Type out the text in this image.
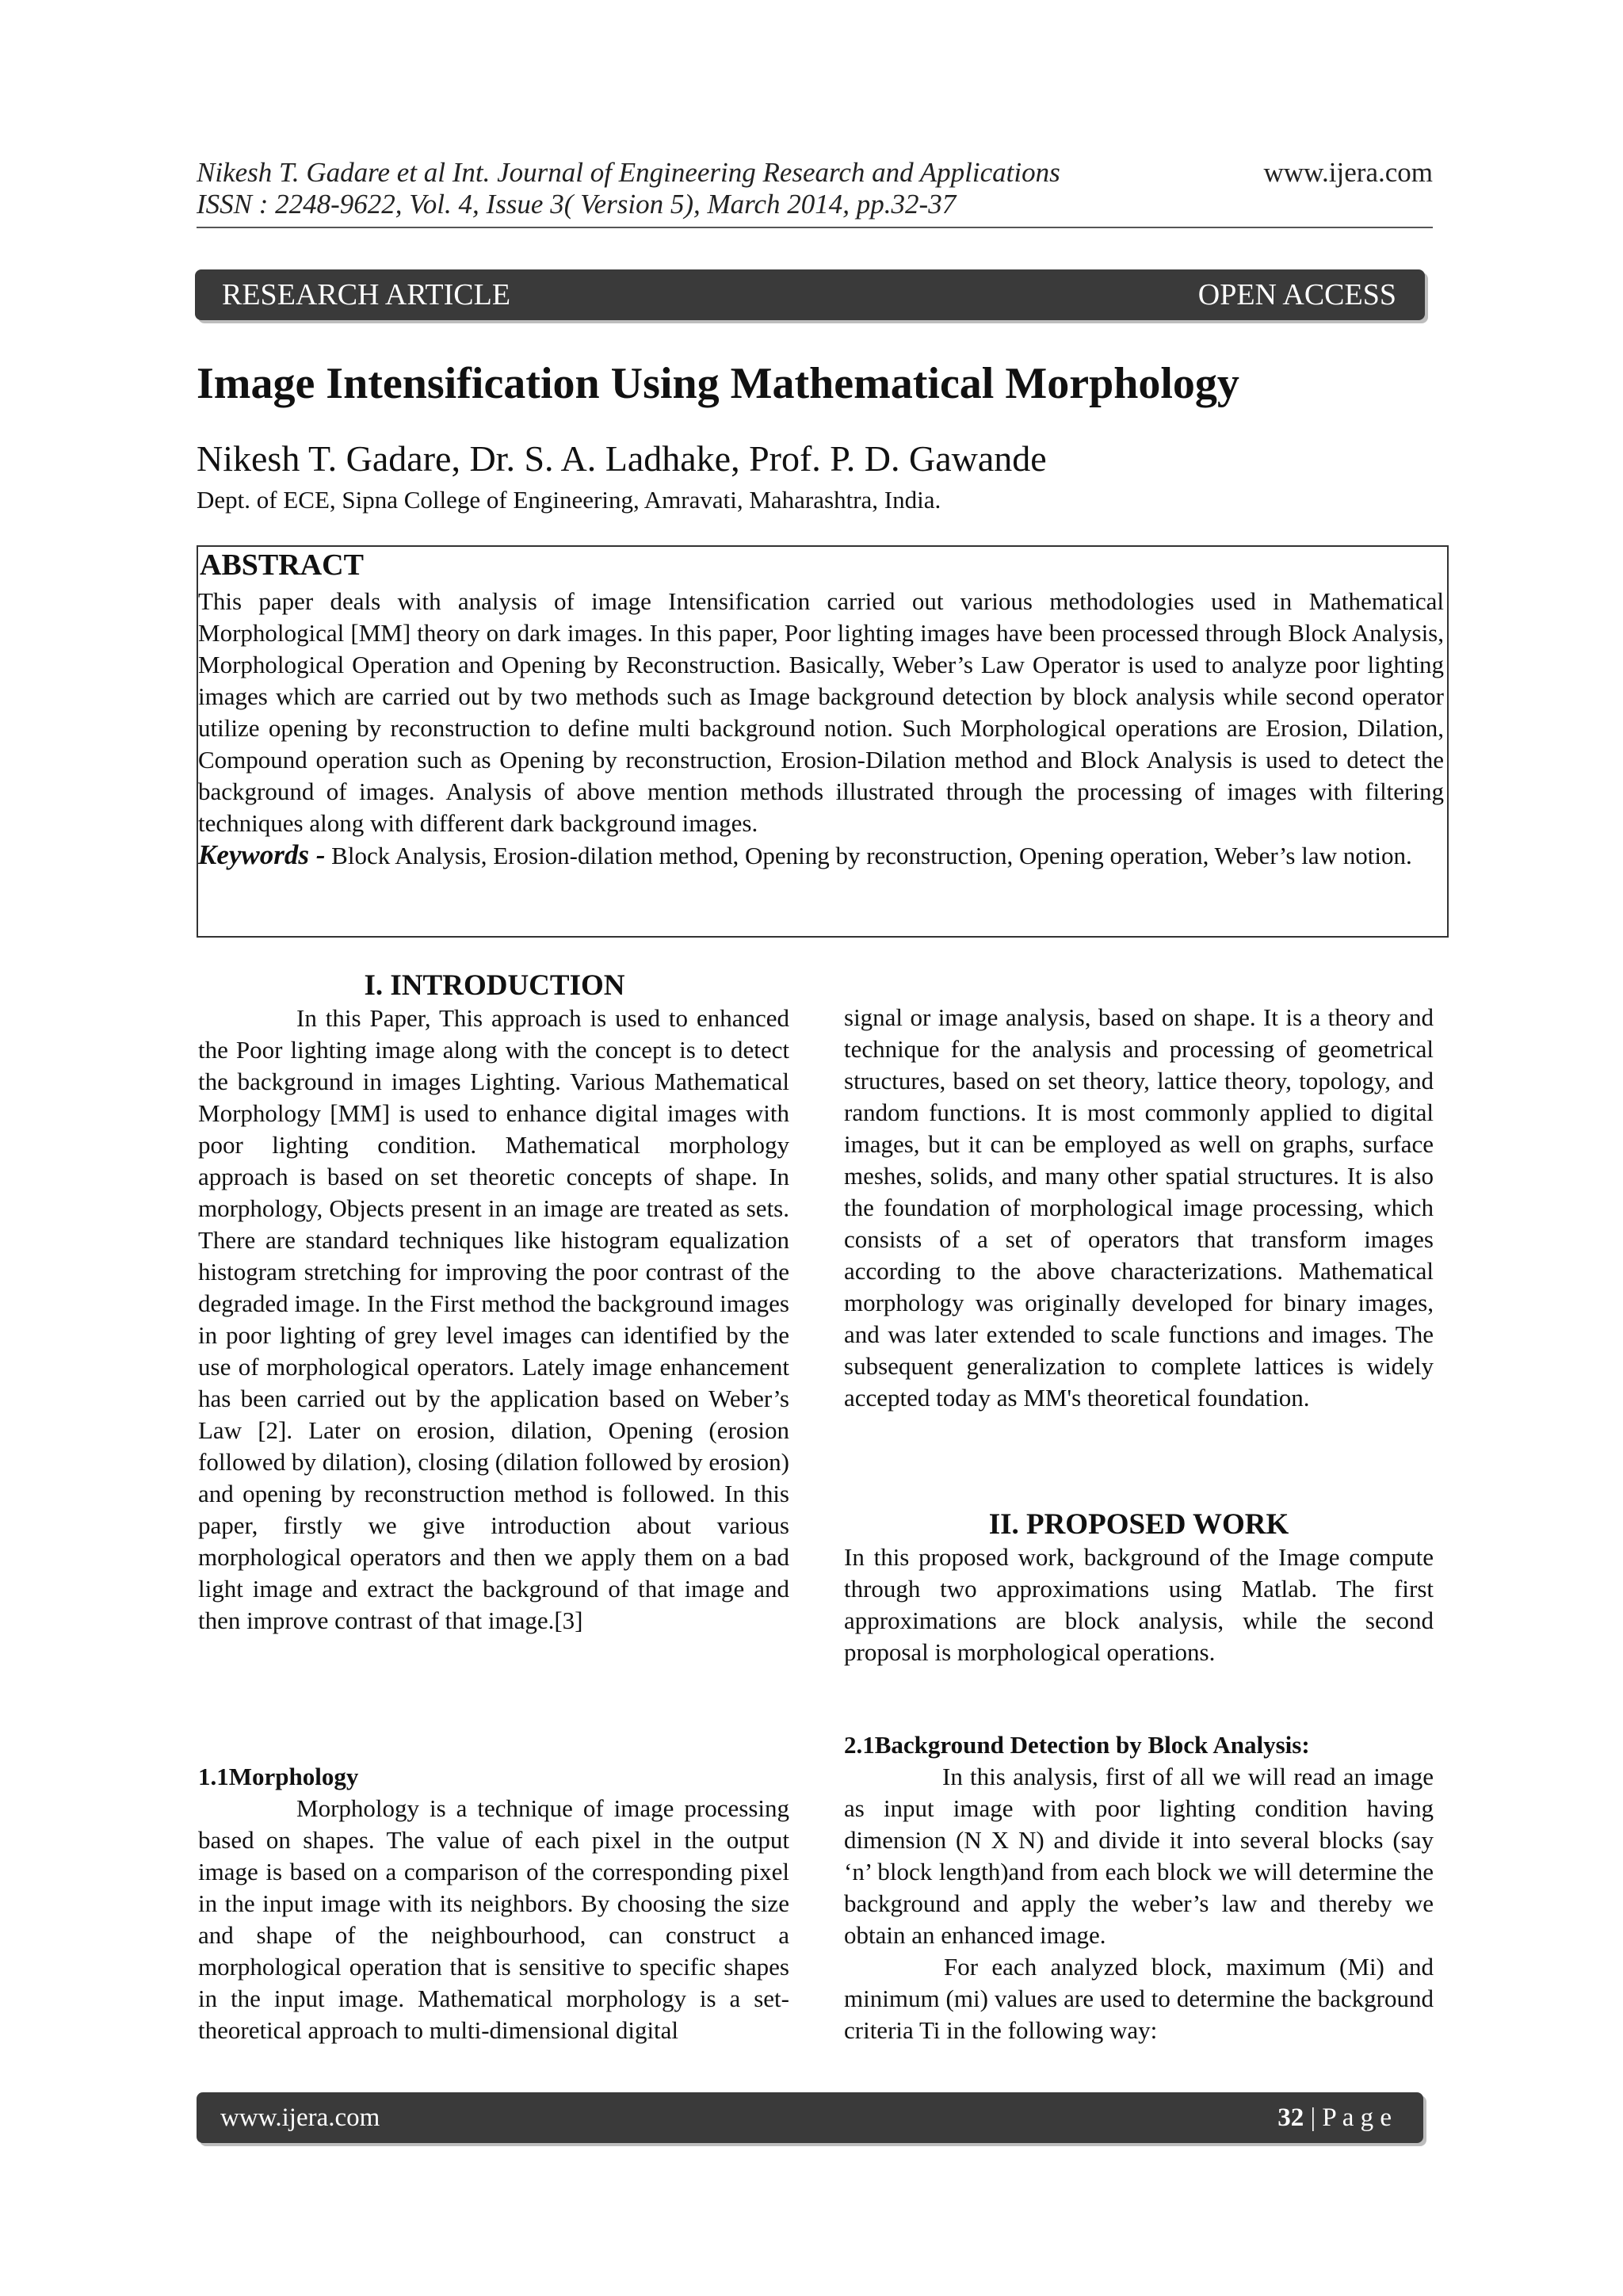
Nikesh T. Gadare et al Int. Journal of Engineering Research and Applications
ISSN : 2248-9622, Vol. 4, Issue 3( Version 5), March 2014, pp.32-37
www.ijera.com
RESEARCH ARTICLE	OPEN ACCESS
Image Intensification Using Mathematical Morphology
Nikesh T. Gadare, Dr. S. A. Ladhake, Prof. P. D. Gawande
Dept. of ECE, Sipna College of Engineering, Amravati, Maharashtra, India.
ABSTRACT

This paper deals with analysis of image Intensification carried out various methodologies used in Mathematical Morphological [MM] theory on dark images. In this paper, Poor lighting images have been processed through Block Analysis, Morphological Operation and Opening by Reconstruction. Basically, Weber’s Law Operator is used to analyze poor lighting images which are carried out by two methods such as Image background detection by block analysis while second operator utilize opening by reconstruction to define multi background notion. Such Morphological operations are Erosion, Dilation, Compound operation such as Opening by reconstruction, Erosion-Dilation method and Block Analysis is used to detect the background of images. Analysis of above mention methods illustrated through the processing of images with filtering techniques along with different dark background images.

Keywords - Block Analysis, Erosion-dilation method, Opening by reconstruction, Opening operation, Weber’s law notion.

I. INTRODUCTION

In this Paper, This approach is used to enhanced the Poor lighting image along with the concept is to detect the background in images Lighting. Various Mathematical Morphology [MM] is used to enhance digital images with poor lighting condition. Mathematical morphology approach is based on set theoretic concepts of shape. In morphology, Objects present in an image are treated as sets. There are standard techniques like histogram equalization histogram stretching for improving the poor contrast of the degraded image. In the First method the background images in poor lighting of grey level images can identified by the use of morphological operators. Lately image enhancement has been carried out by the application based on Weber’s Law [2]. Later on erosion, dilation, Opening (erosion followed by dilation), closing (dilation followed by erosion) and opening by reconstruction method is followed. In this paper, firstly we give introduction about various morphological operators and then we apply them on a bad light image and extract the background of that image and then improve contrast of that image.[3]

1.1Morphology

Morphology is a technique of image processing based on shapes. The value of each pixel in the output image is based on a comparison of the corresponding pixel in the input image with its neighbors. By choosing the size and shape of the neighbourhood, can construct a morphological operation that is sensitive to specific shapes in the input image. Mathematical morphology is a set-theoretical approach to multi-dimensional digital

signal or image analysis, based on shape. It is a theory and technique for the analysis and processing of geometrical structures, based on set theory, lattice theory, topology, and random functions. It is most commonly applied to digital images, but it can be employed as well on graphs, surface meshes, solids, and many other spatial structures. It is also the foundation of morphological image processing, which consists of a set of operators that transform images according to the above characterizations. Mathematical morphology was originally developed for binary images, and was later extended to scale functions and images. The subsequent generalization to complete lattices is widely accepted today as MM's theoretical foundation.

II. PROPOSED WORK

In this proposed work, background of the Image compute through two approximations using Matlab. The first approximations are block analysis, while the second proposal is morphological operations.

2.1Background Detection by Block Analysis:

In this analysis, first of all we will read an image as input image with poor lighting condition having dimension (N X N) and divide it into several blocks (say ‘n’ block length)and from each block we will determine the background and apply the weber’s law and thereby we obtain an enhanced image.

For each analyzed block, maximum (Mi) and minimum (mi) values are used to determine the background criteria Ti in the following way:

www.ijera.com	32 | P a g e
